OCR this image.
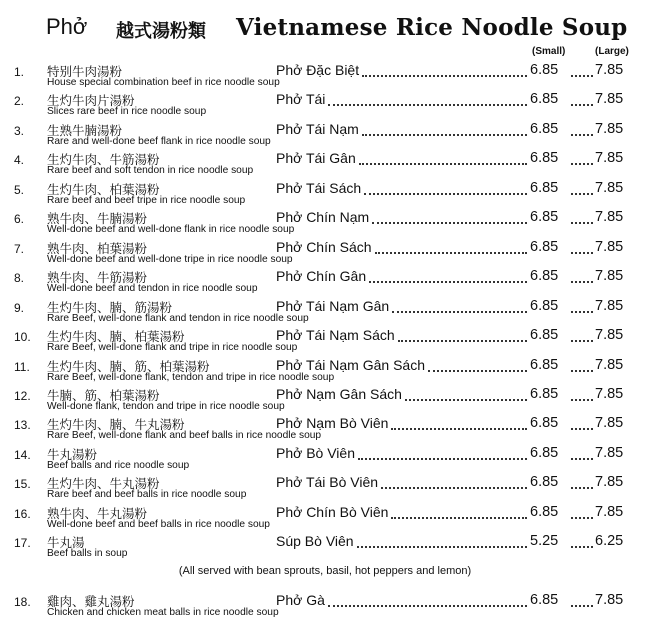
Phở 越式湯粉類 Vietnamese Rice Noodle Soup
(Small)	(Large)
1. 特别牛肉湯粉
House special combination beef in rice noodle soup
Phở Đặc Biệt	6.85	7.85
2. 生灼牛肉片湯粉
Slices rare beef in rice noodle soup
Phở Tái	6.85	7.85
3. 生熟牛腩湯粉
Rare and well-done beef flank in rice noodle soup
Phở Tái Nạm	6.85	7.85
4. 生灼牛肉、牛筋湯粉
Rare beef and soft tendon in rice noodle soup
Phở Tái Gân	6.85	7.85
5. 生灼牛肉、柏葉湯粉
Rare beef and beef tripe in rice noodle soup
Phở Tái Sách	6.85	7.85
6. 熟牛肉、牛腩湯粉
Well-done beef and well-done flank in rice noodle soup
Phở Chín Nạm	6.85	7.85
7. 熟牛肉、柏葉湯粉
Well-done beef and well-done tripe in rice noodle soup
Phở Chín Sách	6.85	7.85
8. 熟牛肉、牛筋湯粉
Well-done beef and tendon in rice noodle soup
Phở Chín Gân	6.85	7.85
9. 生灼牛肉、腩、筋湯粉
Rare Beef, well-done flank and tendon in rice noodle soup
Phở Tái Nạm Gân	6.85	7.85
10. 生灼牛肉、腩、柏葉湯粉
Rare Beef, well-done flank and tripe in rice noodle soup
Phở Tái Nạm Sách	6.85	7.85
11. 生灼牛肉、腩、筋、柏葉湯粉
Rare Beef, well-done flank, tendon and tripe in rice noodle soup
Phở Tái Nạm Gân Sách	6.85	7.85
12. 牛腩、筋、柏葉湯粉
Well-done flank, tendon and tripe in rice noodle soup
Phở Nạm Gân Sách	6.85	7.85
13. 生灼牛肉、腩、牛丸湯粉
Rare Beef, well-done flank and beef balls in rice noodle soup
Phở Nạm Bò Viên	6.85	7.85
14. 牛丸湯粉
Beef balls and rice noodle soup
Phở Bò Viên	6.85	7.85
15. 生灼牛肉、牛丸湯粉
Rare beef and beef balls in rice noodle soup
Phở Tái Bò Viên	6.85	7.85
16. 熟牛肉、牛丸湯粉
Well-done beef and beef balls in rice noodle soup
Phở Chín Bò Viên	6.85	7.85
17. 牛丸湯
Beef balls in soup
Súp Bò Viên	5.25	6.25
(All served with bean sprouts, basil, hot peppers and lemon)
18. 雞肉、雞丸湯粉
Chicken and chicken meat balls in rice noodle soup
Phở Gà	6.85	7.85
